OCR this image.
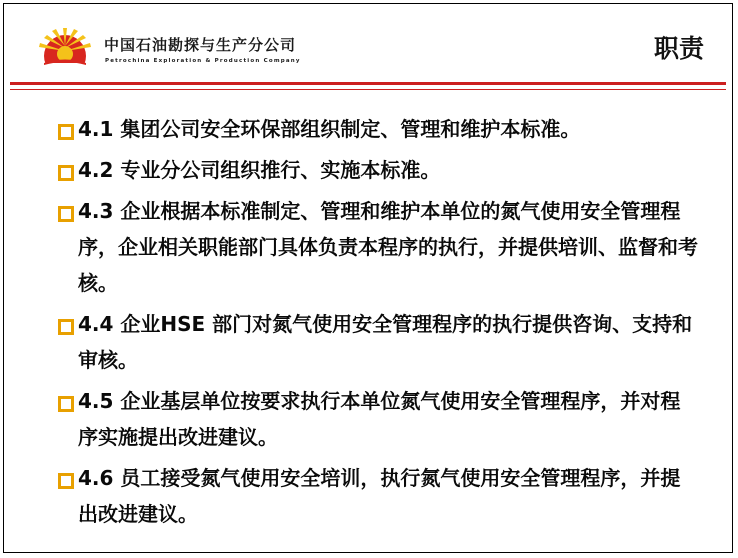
中国石油勘探与生产分公司
Petrochina Exploration & Production Company	职责
4.1 集团公司安全环保部组织制定、管理和维护本标准。
4.2 专业分公司组织推行、实施本标准。
4.3 企业根据本标准制定、管理和维护本单位的氮气使用安全管理程序，企业相关职能部门具体负责本程序的执行，并提供培训、监督和考核。
4.4 企业HSE 部门对氮气使用安全管理程序的执行提供咨询、支持和审核。
4.5 企业基层单位按要求执行本单位氮气使用安全管理程序，并对程序实施提出改进建议。
4.6 员工接受氮气使用安全培训，执行氮气使用安全管理程序，并提出改进建议。
